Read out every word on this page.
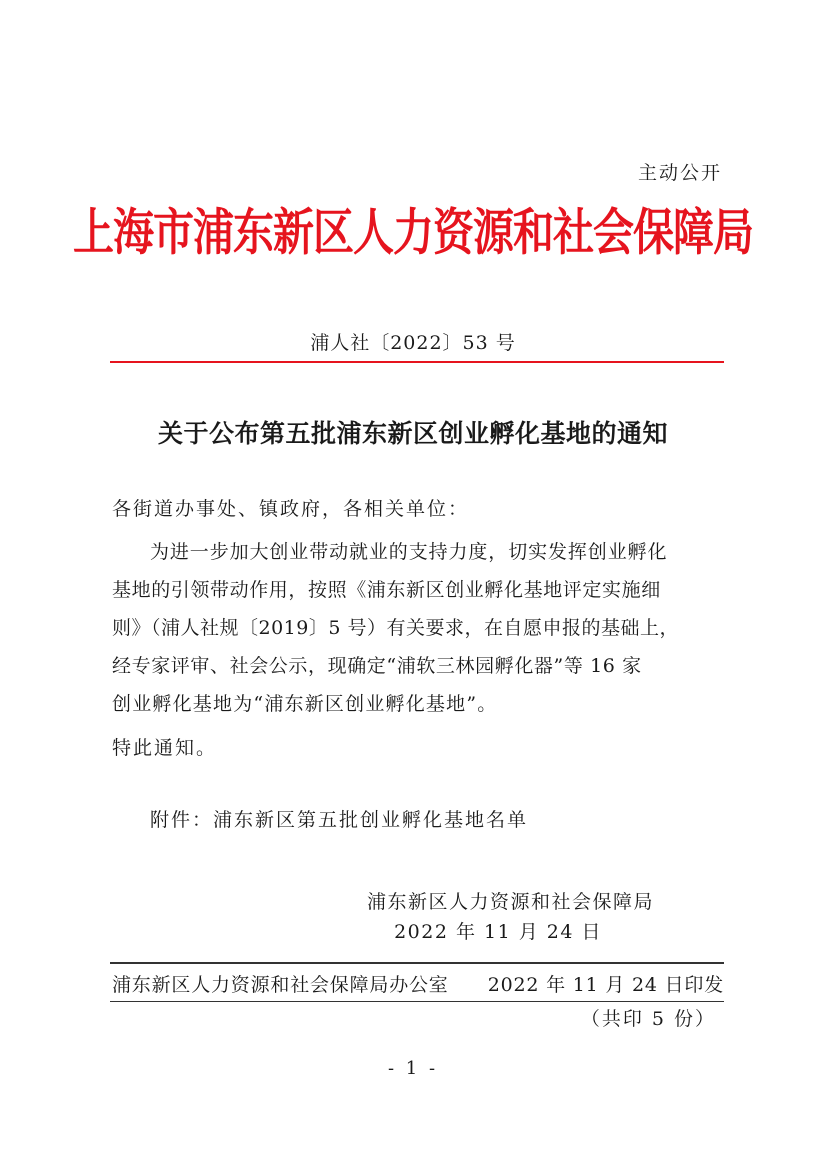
主动公开
上海市浦东新区人力资源和社会保障局
浦人社〔2022〕53 号
关于公布第五批浦东新区创业孵化基地的通知
各街道办事处、镇政府，各相关单位：
为进一步加大创业带动就业的支持力度，切实发挥创业孵化
基地的引领带动作用，按照《浦东新区创业孵化基地评定实施细
则》（浦人社规〔2019〕5 号）有关要求，在自愿申报的基础上，
经专家评审、社会公示，现确定“浦软三林园孵化器”等 16 家
创业孵化基地为“浦东新区创业孵化基地”。
特此通知。
附件：浦东新区第五批创业孵化基地名单
浦东新区人力资源和社会保障局
2022 年 11 月 24 日
浦东新区人力资源和社会保障局办公室 2022 年 11 月 24 日印发
（共印 5 份）
- 1 -
